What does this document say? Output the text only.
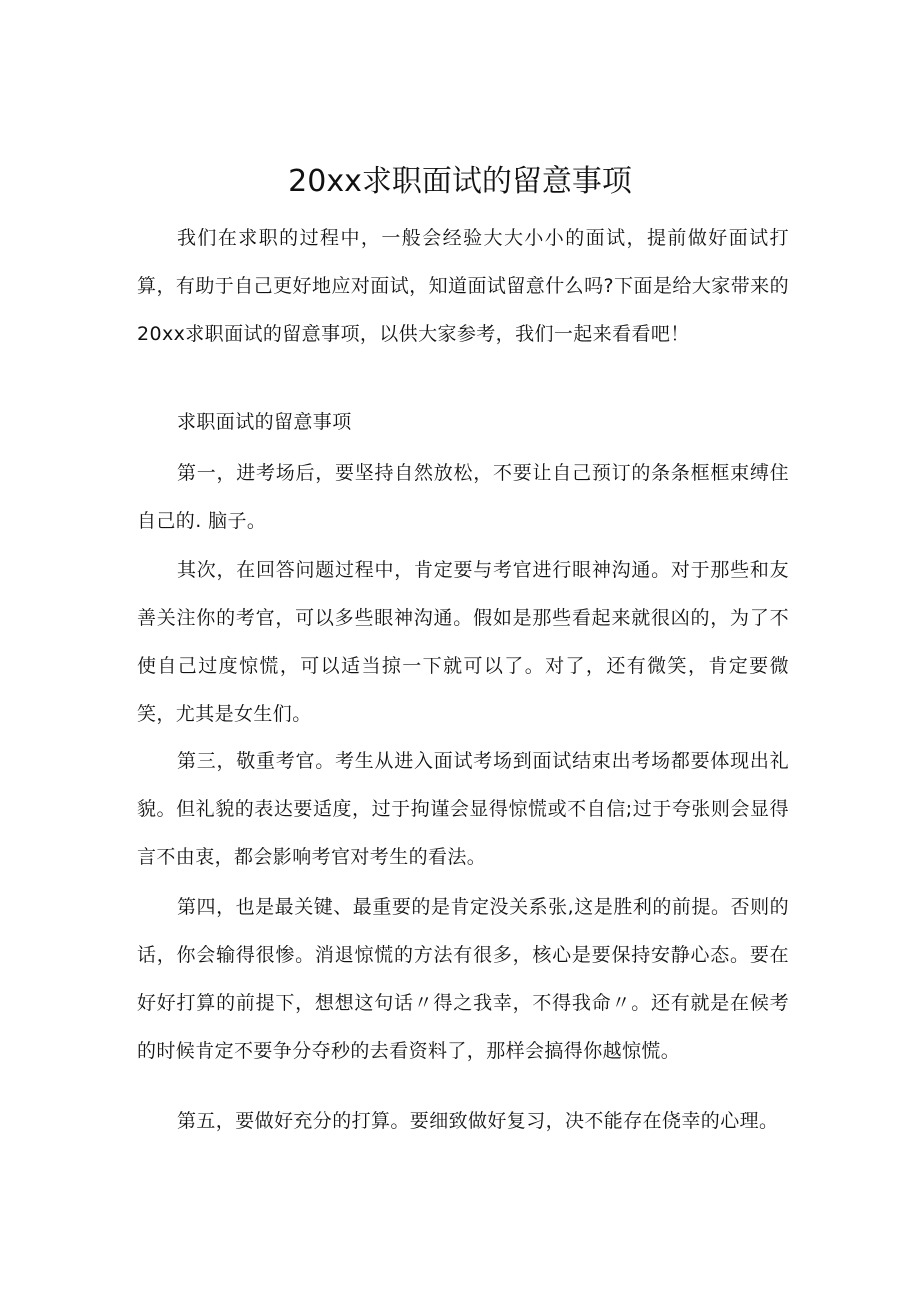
20xx求职面试的留意事项

我们在求职的过程中，一般会经验大大小小的面试，提前做好面试打算，有助于自己更好地应对面试，知道面试留意什么吗?下面是给大家带来的20xx求职面试的留意事项，以供大家参考，我们一起来看看吧！

求职面试的留意事项

第一，进考场后，要坚持自然放松，不要让自己预订的条条框框束缚住自己的. 脑子。

其次，在回答问题过程中，肯定要与考官进行眼神沟通。对于那些和友善关注你的考官，可以多些眼神沟通。假如是那些看起来就很凶的，为了不使自己过度惊慌，可以适当掠一下就可以了。对了，还有微笑，肯定要微笑，尤其是女生们。

第三，敬重考官。考生从进入面试考场到面试结束出考场都要体现出礼貌。但礼貌的表达要适度，过于拘谨会显得惊慌或不自信;过于夸张则会显得言不由衷，都会影响考官对考生的看法。

第四，也是最关键、最重要的是肯定没关系张,这是胜利的前提。否则的话，你会输得很惨。消退惊慌的方法有很多，核心是要保持安静心态。要在好好打算的前提下，想想这句话〃得之我幸，不得我命〃。还有就是在候考的时候肯定不要争分夺秒的去看资料了，那样会搞得你越惊慌。

第五，要做好充分的打算。要细致做好复习，决不能存在侥幸的心理。
